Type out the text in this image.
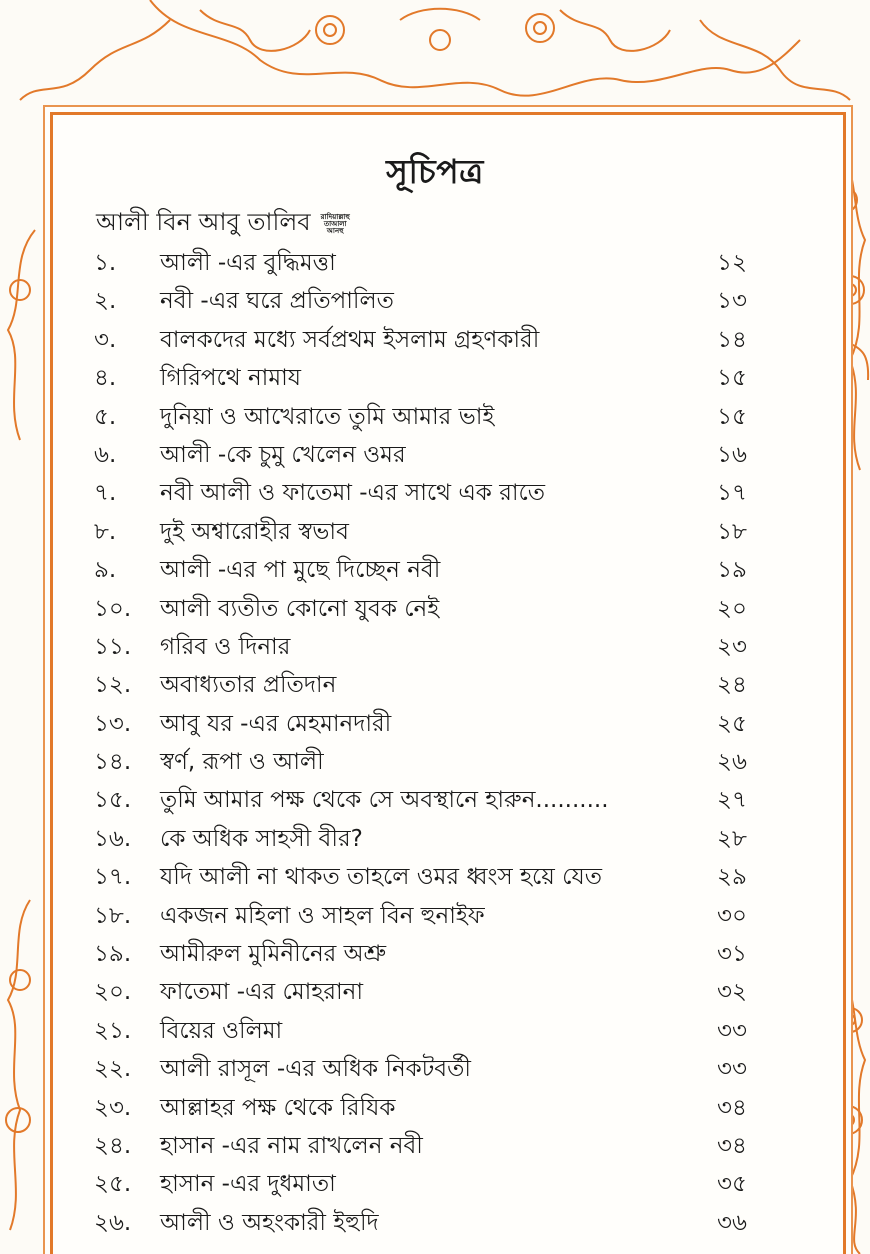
সূচিপত্র
আলী বিন আবু তালিব রাদিয়াল্লাহু
তাআলা
আনহু
১. আলী -এর বুদ্ধিমত্তা	১২
২. নবী -এর ঘরে প্রতিপালিত	১৩
৩. বালকদের মধ্যে সর্বপ্রথম ইসলাম গ্রহণকারী	১৪
৪. গিরিপথে নামায	১৫
৫. দুনিয়া ও আখেরাতে তুমি আমার ভাই	১৫
৬. আলী -কে চুমু খেলেন ওমর	১৬
৭. নবী আলী ও ফাতেমা -এর সাথে এক রাতে	১৭
৮. দুই অশ্বারোহীর স্বভাব	১৮
৯. আলী -এর পা মুছে দিচ্ছেন নবী	১৯
১০. আলী ব্যতীত কোনো যুবক নেই	২০
১১. গরিব ও দিনার	২৩
১২. অবাধ্যতার প্রতিদান	২৪
১৩. আবু যর -এর মেহমানদারী	২৫
১৪. স্বর্ণ, রূপা ও আলী	২৬
১৫. তুমি আমার পক্ষ থেকে সে অবস্থানে হারুন..........	২৭
১৬. কে অধিক সাহসী বীর?	২৮
১৭. যদি আলী না থাকত তাহলে ওমর ধ্বংস হয়ে যেত	২৯
১৮. একজন মহিলা ও সাহল বিন হুনাইফ	৩০
১৯. আমীরুল মুমিনীনের অশ্রু	৩১
২০. ফাতেমা -এর মোহরানা	৩২
২১. বিয়ের ওলিমা	৩৩
২২. আলী রাসূল -এর অধিক নিকটবর্তী	৩৩
২৩. আল্লাহর পক্ষ থেকে রিযিক	৩৪
২৪. হাসান -এর নাম রাখলেন নবী	৩৪
২৫. হাসান -এর দুধমাতা	৩৫
২৬. আলী ও অহংকারী ইহুদি	৩৬
